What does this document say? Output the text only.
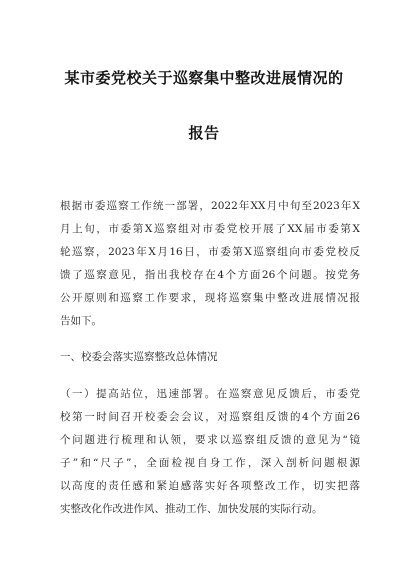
某市委党校关于巡察集中整改进展情况的
报告
根据市委巡察工作统一部署，2022年XX月中旬至2023年X
月上旬，市委第X巡察组对市委党校开展了XX届市委第X
轮巡察，2023年X月16日，市委第X巡察组向市委党校反
馈了巡察意见，指出我校存在4个方面26个问题。按党务
公开原则和巡察工作要求，现将巡察集中整改进展情况报
告如下。
一、校委会落实巡察整改总体情况
（一）提高站位，迅速部署。在巡察意见反馈后，市委党
校第一时间召开校委会会议，对巡察组反馈的4个方面26
个问题进行梳理和认领，要求以巡察组反馈的意见为“镜
子”和“尺子”，全面检视自身工作，深入剖析问题根源
以高度的责任感和紧迫感落实好各项整改工作，切实把落
实整改化作改进作风、推动工作、加快发展的实际行动。
